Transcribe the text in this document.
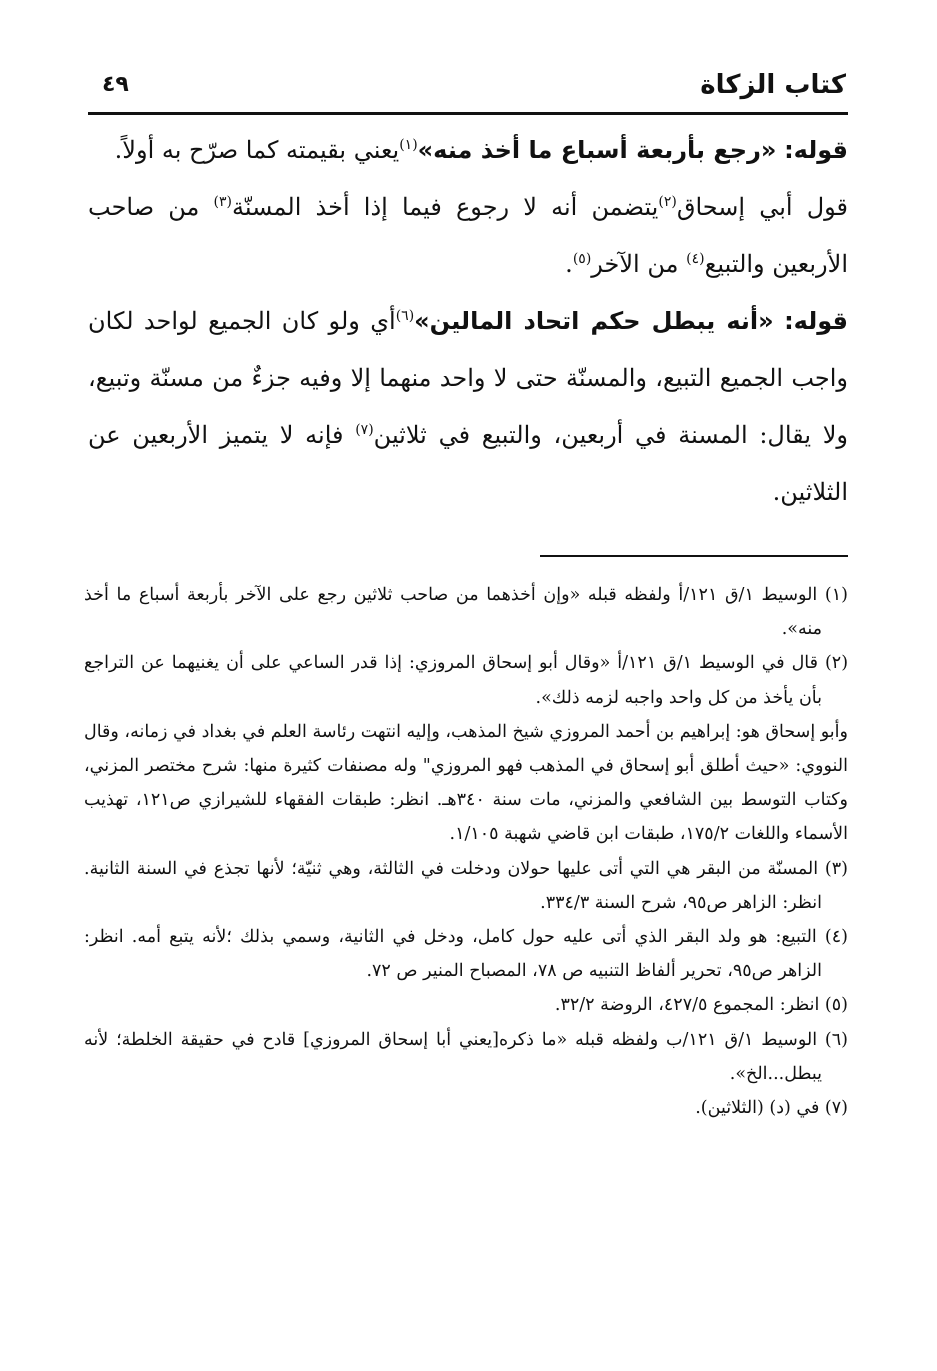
كتاب الزكاة
٤٩

قوله: «رجع بأربعة أسباع ما أخذ منه»$^{(١)}$يعني بقيمته كما صرّح به أولاً.
قول أبي إسحاق$^{(٢)}$يتضمن أنه لا رجوع فيما إذا أخذ المسنّة$^{(٣)}$ من صاحب الأربعين والتبيع$^{(٤)}$ من الآخر$^{(٥)}$.

قوله: «أنه يبطل حكم اتحاد المالين»$^{(٦)}$أي ولو كان الجميع لواحد لكان واجب الجميع التبيع، والمسنّة حتى لا واحد منهما إلا وفيه جزءٌ من مسنّة وتبيع، ولا يقال: المسنة في أربعين، والتبيع في ثلاثين$^{(٧)}$ فإنه لا يتميز الأربعين عن الثلاثين.

(١) الوسيط ١/ق ١٢١/أ ولفظه قبله «وإن أخذهما من صاحب ثلاثين رجع على الآخر بأربعة أسباع ما أخذ منه».

(٢) قال في الوسيط ١/ق ١٢١/أ «وقال أبو إسحاق المروزي: إذا قدر الساعي على أن يغنيهما عن التراجع بأن يأخذ من كل واحد واجبه لزمه ذلك».

وأبو إسحاق هو: إبراهيم بن أحمد المروزي شيخ المذهب، وإليه انتهت رئاسة العلم في بغداد في زمانه، وقال النووي: «حيث أطلق أبو إسحاق في المذهب فهو المروزي" وله مصنفات كثيرة منها: شرح مختصر المزني، وكتاب التوسط بين الشافعي والمزني، مات سنة ٣٤٠هـ. انظر: طبقات الفقهاء للشيرازي ص١٢١، تهذيب الأسماء واللغات ١٧٥/٢، طبقات ابن قاضي شهبة ١/١٠٥.

(٣) المسنّة من البقر هي التي أتى عليها حولان ودخلت في الثالثة، وهي ثنيّة؛ لأنها تجذع في السنة الثانية. انظر: الزاهر ص٩٥، شرح السنة ٣٣٤/٣.

(٤) التبيع: هو ولد البقر الذي أتى عليه حول كامل، ودخل في الثانية، وسمي بذلك ؛لأنه يتبع أمه. انظر: الزاهر ص٩٥، تحرير ألفاظ التنبيه ص ٧٨، المصباح المنير ص ٧٢.

(٥) انظر: المجموع ٤٢٧/٥، الروضة ٣٢/٢.

(٦) الوسيط ١/ق ١٢١/ب ولفظه قبله «ما ذكره[يعني أبا إسحاق المروزي] قادح في حقيقة الخلطة؛ لأنه يبطل...الخ».

(٧) في (د) (الثلاثين).
